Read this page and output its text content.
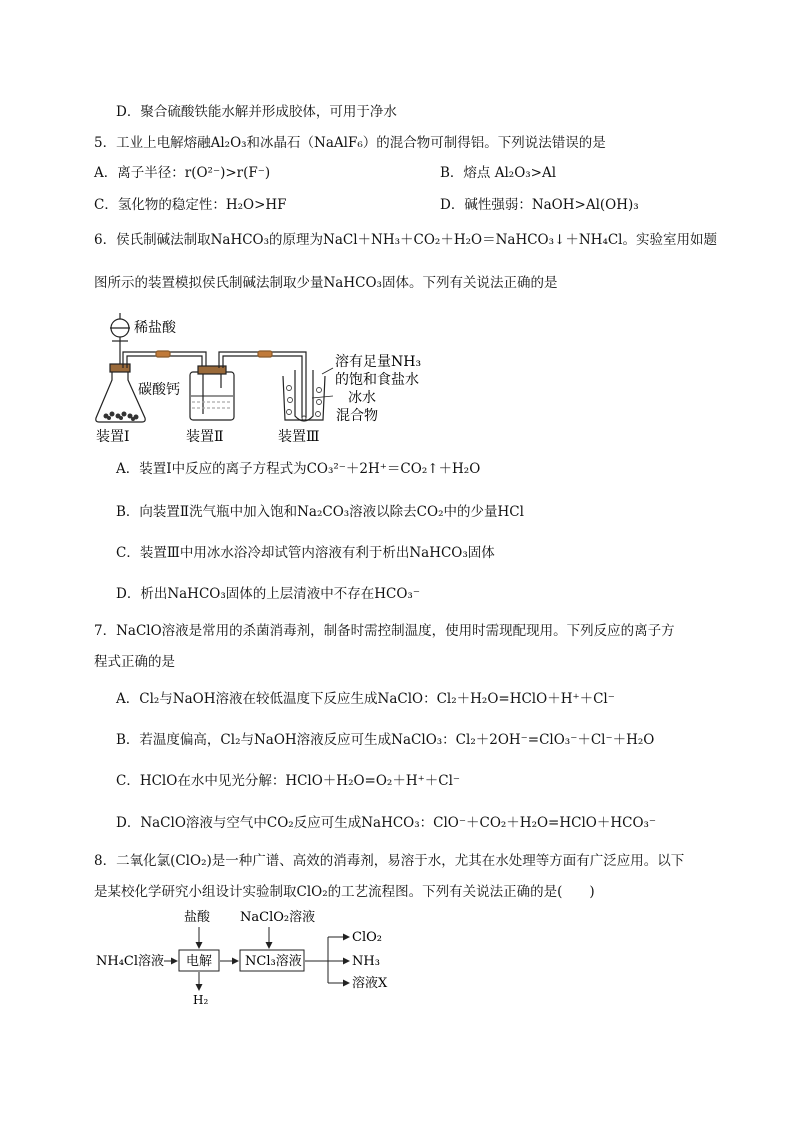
D．聚合硫酸铁能水解并形成胶体，可用于净水
5．工业上电解熔融Al₂O₃和冰晶石（NaAlF₆）的混合物可制得铝。下列说法错误的是
A．离子半径：r(O²⁻)>r(F⁻)	B．熔点 Al₂O₃>Al
C．氢化物的稳定性：H₂O>HF	D．碱性强弱：NaOH>Al(OH)₃
6．侯氏制碱法制取NaHCO₃的原理为NaCl＋NH₃＋CO₂＋H₂O＝NaHCO₃↓＋NH₄Cl。实验室用如题
图所示的装置模拟侯氏制碱法制取少量NaHCO₃固体。下列有关说法正确的是
稀盐酸
碳酸钙
溶有足量NH₃
的饱和食盐水
冰水
混合物
装置Ⅰ	装置Ⅱ	装置Ⅲ
A．装置Ⅰ中反应的离子方程式为CO₃²⁻＋2H⁺＝CO₂↑＋H₂O
B．向装置Ⅱ洗气瓶中加入饱和Na₂CO₃溶液以除去CO₂中的少量HCl
C．装置Ⅲ中用冰水浴冷却试管内溶液有利于析出NaHCO₃固体
D．析出NaHCO₃固体的上层清液中不存在HCO₃⁻
7．NaClO溶液是常用的杀菌消毒剂，制备时需控制温度，使用时需现配现用。下列反应的离子方
程式正确的是
A．Cl₂与NaOH溶液在较低温度下反应生成NaClO：Cl₂＋H₂O=HClO＋H⁺＋Cl⁻
B．若温度偏高，Cl₂与NaOH溶液反应可生成NaClO₃：Cl₂＋2OH⁻=ClO₃⁻＋Cl⁻＋H₂O
C．HClO在水中见光分解：HClO＋H₂O=O₂＋H⁺＋Cl⁻
D．NaClO溶液与空气中CO₂反应可生成NaHCO₃：ClO⁻＋CO₂＋H₂O=HClO＋HCO₃⁻
8．二氧化氯(ClO₂)是一种广谱、高效的消毒剂，易溶于水，尤其在水处理等方面有广泛应用。以下
是某校化学研究小组设计实验制取ClO₂的工艺流程图。下列有关说法正确的是(　　)
NH₄Cl溶液
盐酸
电解
H₂
NaClO₂溶液
NCl₃溶液
ClO₂
NH₃
溶液X
